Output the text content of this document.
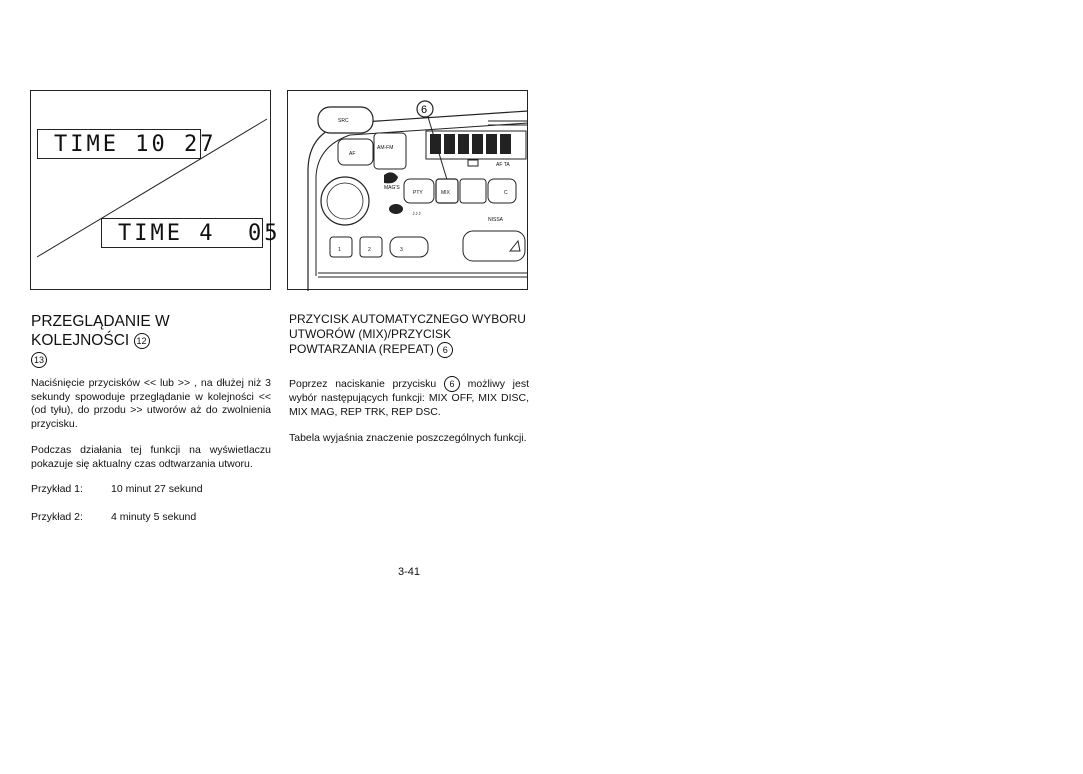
TIME 10 27
TIME 4  05
SRC
AF
AM-FM
AF TA
6
MAG'S
PTY	MIX	C
♪♪♪
NISSA
1	2	3

PRZEGLĄDANIE W KOLEJNOŚCI 12

13

Naciśnięcie przycisków << lub >> , na dłużej niż 3 sekundy spowoduje przeglądanie w kolejności << (od tyłu), do przodu >> utworów aż do zwolnienia przycisku.

Podczas działania tej funkcji na wyświetlaczu pokazuje się aktualny czas odtwarzania utworu.

Przykład 1:	10 minut 27 sekund
Przykład 2:	4 minuty 5 sekund

PRZYCISK AUTOMATYCZNEGO WYBORU UTWORÓW (MIX)/PRZYCISK POWTARZANIA (REPEAT) 6

Poprzez naciskanie przycisku 6 możliwy jest wybór następujących funkcji: MIX OFF, MIX DISC, MIX MAG, REP TRK, REP DSC.

Tabela wyjaśnia znaczenie poszczególnych funkcji.

3-41
